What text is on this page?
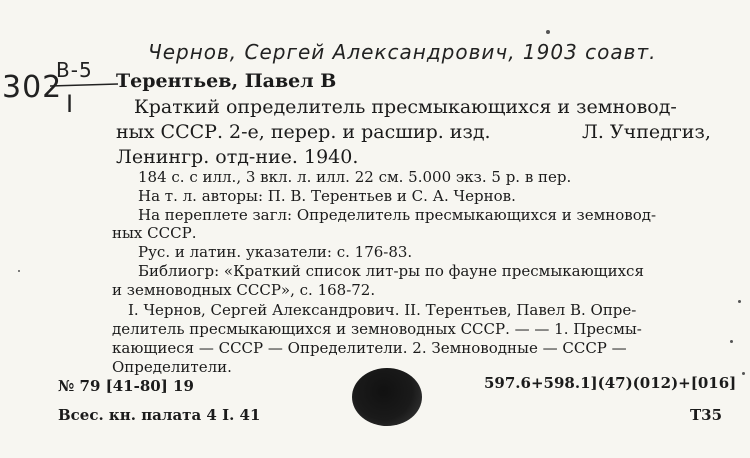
Чернов, Сергей Александрович, 1903 соавт.
B-5
302 I
Терентьев, Павел В
Краткий определитель пресмыкающихся и земновод-
ных СССР. 2-е, перер. и расшир. изд.	Л. Учпедгиз,
Ленингр. отд-ние. 1940.
184 с. с илл., 3 вкл. л. илл. 22 см. 5.000 экз. 5 р. в пер.
На т. л. авторы: П. В. Терентьев и С. А. Чернов.
На переплете загл: Определитель пресмыкающихся и земновод-
ных СССР.
Рус. и латин. указатели: с. 176-83.
Библиогр: «Краткий список лит-ры по фауне пресмыкающихся
и земноводных СССР», с. 168-72.
I. Чернов, Сергей Александрович. II. Терентьев, Павел В. Опре-
делитель пресмыкающихся и земноводных СССР. — — 1. Пресмы-
кающиеся — СССР — Определители. 2. Земноводные — СССР —
Определители.
№ 79 [41-80] 19	597.6+598.1](47)(012)+[016]
Всес. кн. палата 4 I. 41	Т35
